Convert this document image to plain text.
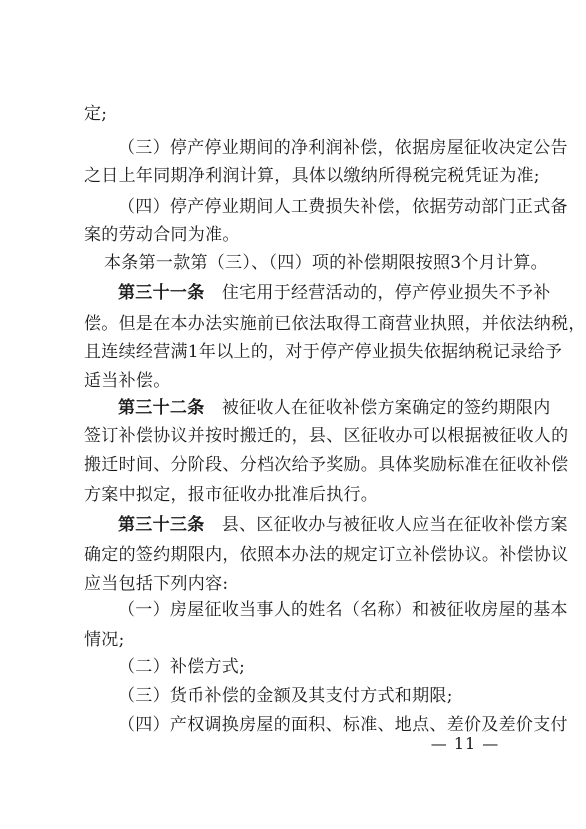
定;
（三）停产停业期间的净利润补偿，依据房屋征收决定公告
之日上年同期净利润计算，具体以缴纳所得税完税凭证为准;
（四）停产停业期间人工费损失补偿，依据劳动部门正式备
案的劳动合同为准。
本条第一款第（三）、（四）项的补偿期限按照3个月计算。
第三十一条　 住宅用于经营活动的，停产停业损失不予补
偿。但是在本办法实施前已依法取得工商营业执照，并依法纳税，
且连续经营满1年以上的，对于停产停业损失依据纳税记录给予
适当补偿。
第三十二条　 被征收人在征收补偿方案确定的签约期限内
签订补偿协议并按时搬迁的，县、区征收办可以根据被征收人的
搬迁时间、分阶段、分档次给予奖励。具体奖励标准在征收补偿
方案中拟定，报市征收办批准后执行。
第三十三条　 县、区征收办与被征收人应当在征收补偿方案
确定的签约期限内，依照本办法的规定订立补偿协议。补偿协议
应当包括下列内容:
（一）房屋征收当事人的姓名（名称）和被征收房屋的基本
情况;
（二）补偿方式;
（三）货币补偿的金额及其支付方式和期限;
（四）产权调换房屋的面积、标准、地点、差价及差价支付
— 11 —
